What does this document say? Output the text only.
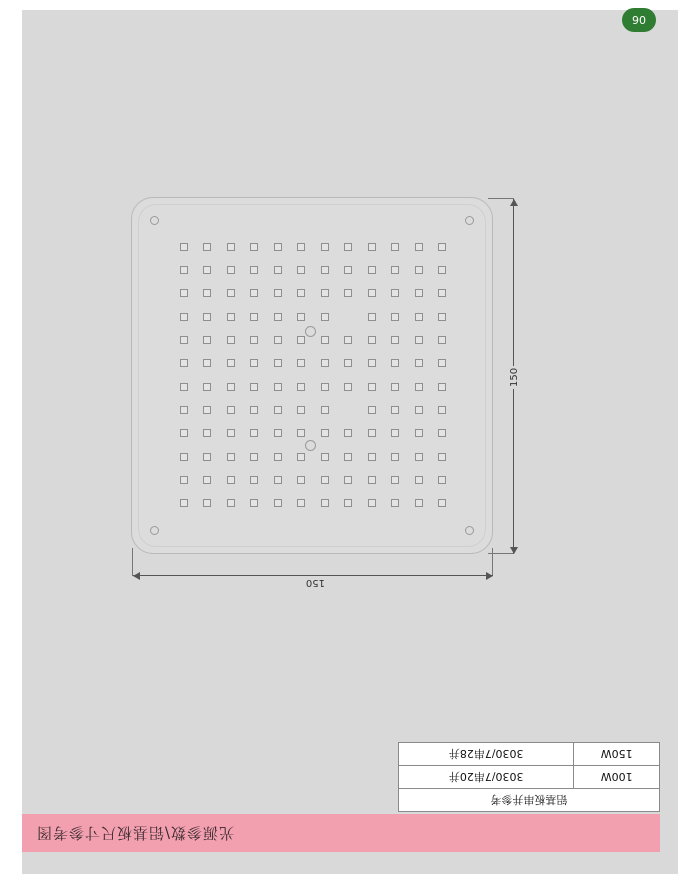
光源参数\铝基板尺寸参考图
铝基板串并参考	
100W	3030/7串20并
150W	3030/7串28并
150
150
06
